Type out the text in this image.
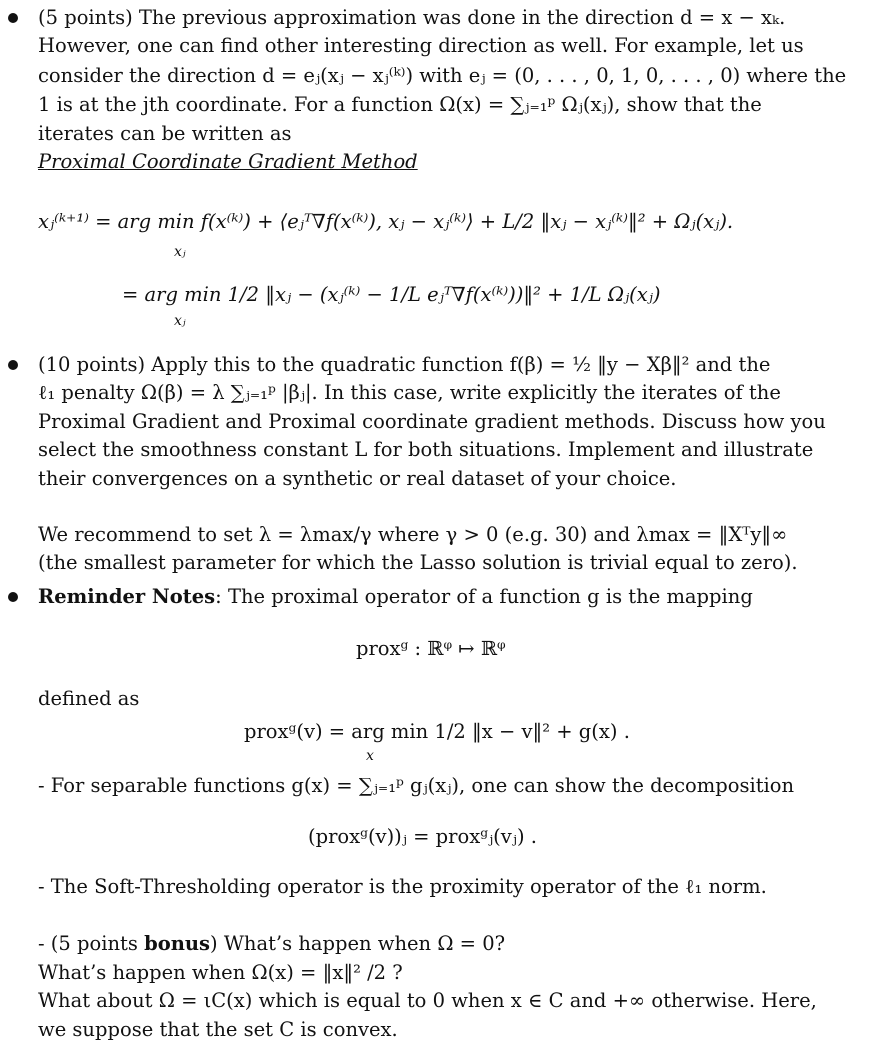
(5 points) The previous approximation was done in the direction d = x − xₖ.
However, one can find other interesting direction as well. For example, let us
consider the direction d = eⱼ(xⱼ − xⱼ⁽ᵏ⁾) with eⱼ = (0, . . . , 0, 1, 0, . . . , 0) where the
1 is at the jth coordinate. For a function Ω(x) = ∑ⱼ₌₁ᵖ Ωⱼ(xⱼ), show that the
iterates can be written as
Proximal Coordinate Gradient Method
xⱼ⁽ᵏ⁺¹⁾ = arg min f(x⁽ᵏ⁾) + ⟨eⱼᵀ∇f(x⁽ᵏ⁾), xⱼ − xⱼ⁽ᵏ⁾⟩ + L/2 ‖xⱼ − xⱼ⁽ᵏ⁾‖² + Ωⱼ(xⱼ).
xⱼ
= arg min 1/2 ‖xⱼ − (xⱼ⁽ᵏ⁾ − 1/L eⱼᵀ∇f(x⁽ᵏ⁾))‖² + 1/L Ωⱼ(xⱼ)
xⱼ
(10 points) Apply this to the quadratic function f(β) = ½ ‖y − Xβ‖² and the
ℓ₁ penalty Ω(β) = λ ∑ⱼ₌₁ᵖ |βⱼ|. In this case, write explicitly the iterates of the
Proximal Gradient and Proximal coordinate gradient methods. Discuss how you
select the smoothness constant L for both situations. Implement and illustrate
their convergences on a synthetic or real dataset of your choice.
We recommend to set λ = λmax/γ where γ > 0 (e.g. 30) and λmax = ‖Xᵀy‖∞
(the smallest parameter for which the Lasso solution is trivial equal to zero).
Reminder Notes: The proximal operator of a function g is the mapping
proxᵍ : ℝᵠ ↦ ℝᵠ
defined as
proxᵍ(v) = arg min 1/2 ‖x − v‖² + g(x) .
x
- For separable functions g(x) = ∑ⱼ₌₁ᵖ gⱼ(xⱼ), one can show the decomposition
(proxᵍ(v))ⱼ = proxᵍⱼ(vⱼ) .
- The Soft-Thresholding operator is the proximity operator of the ℓ₁ norm.
- (5 points bonus) What’s happen when Ω = 0?
What’s happen when Ω(x) = ‖x‖² /2 ?
What about Ω = ιC(x) which is equal to 0 when x ∈ C and +∞ otherwise. Here,
we suppose that the set C is convex.
